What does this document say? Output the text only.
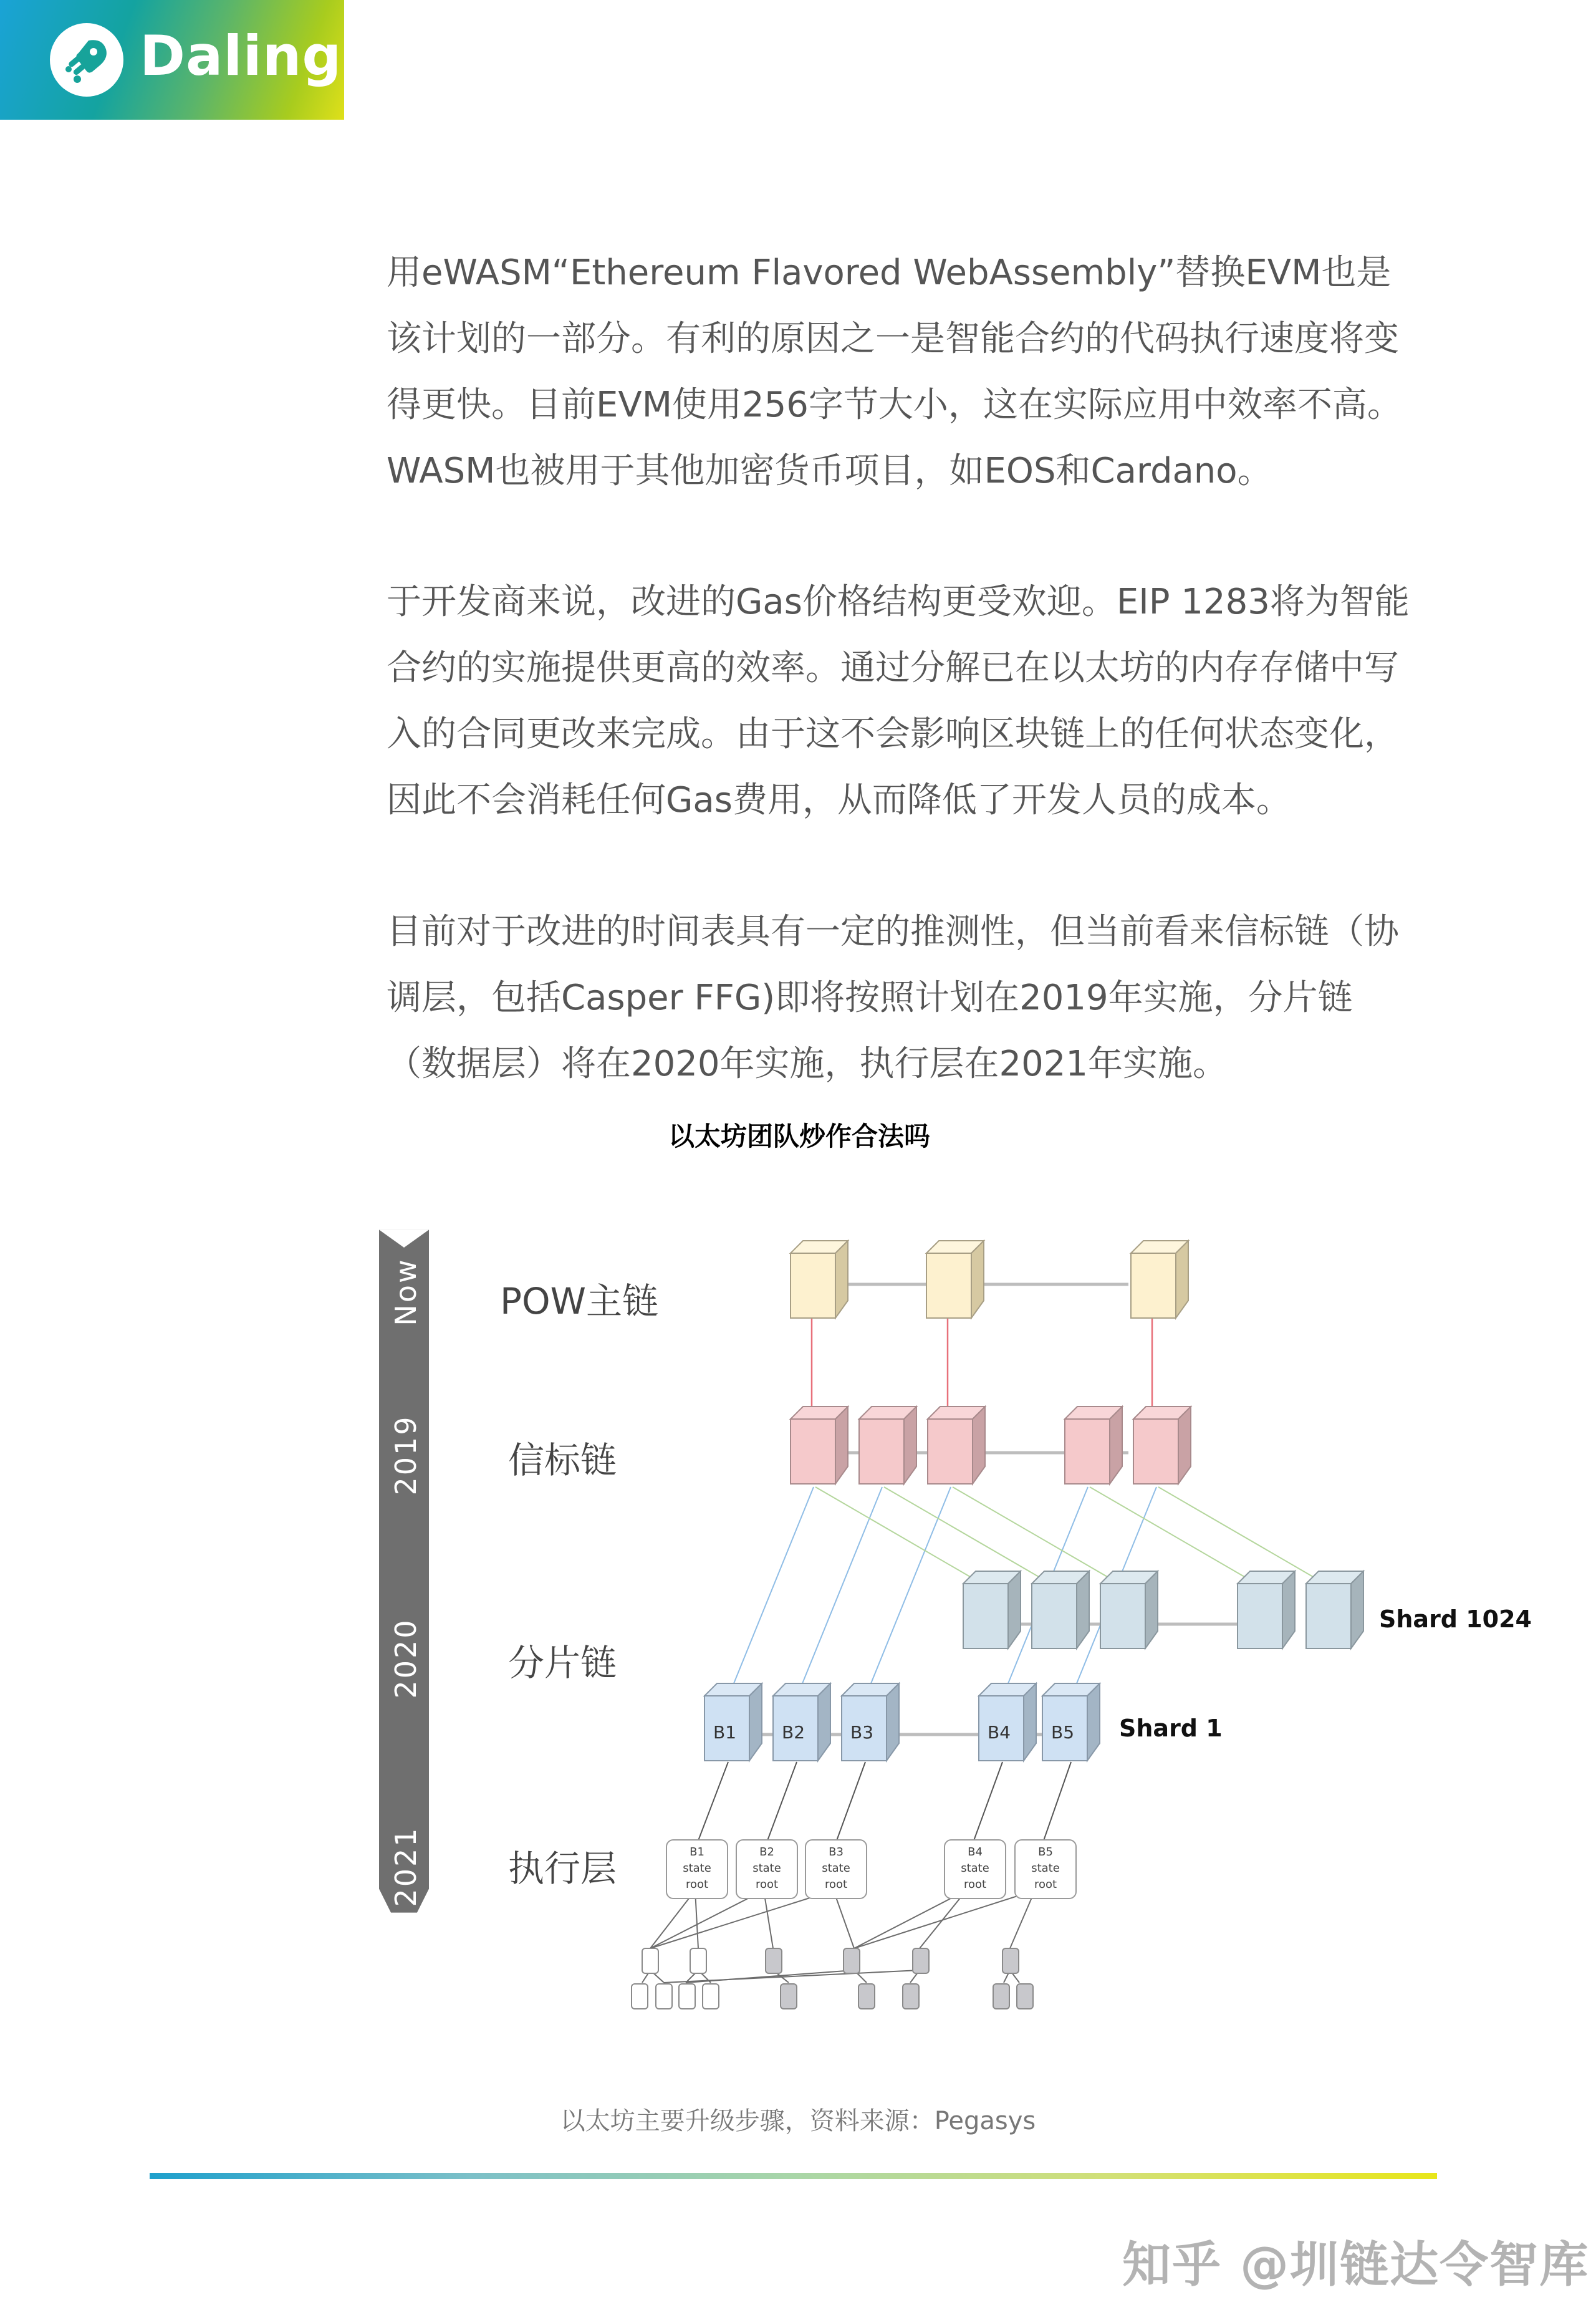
Daling
用eWASM“Ethereum Flavored WebAssembly”替换EVM也是
该计划的一部分。有利的原因之一是智能合约的代码执行速度将变
得更快。目前EVM使用256字节大小，这在实际应用中效率不高。
WASM也被用于其他加密货币项目，如EOS和Cardano。
于开发商来说，改进的Gas价格结构更受欢迎。EIP 1283将为智能
合约的实施提供更高的效率。通过分解已在以太坊的内存存储中写
入的合同更改来完成。由于这不会影响区块链上的任何状态变化，
因此不会消耗任何Gas费用，从而降低了开发人员的成本。
目前对于改进的时间表具有一定的推测性，但当前看来信标链（协
调层，包括Casper FFG)即将按照计划在2019年实施，分片链
（数据层）将在2020年实施，执行层在2021年实施。
以太坊团队炒作合法吗
Now
2019
2020
2021
POW主链
信标链
分片链
执行层
B1	B2	B3	B4 B5
Shard 1024
Shard 1
B1
state
root
B2
state
root
B3
state
root
B4
state
root
B5
state
root
以太坊主要升级步骤，资料来源：Pegasys
知乎 @圳链达令智库
